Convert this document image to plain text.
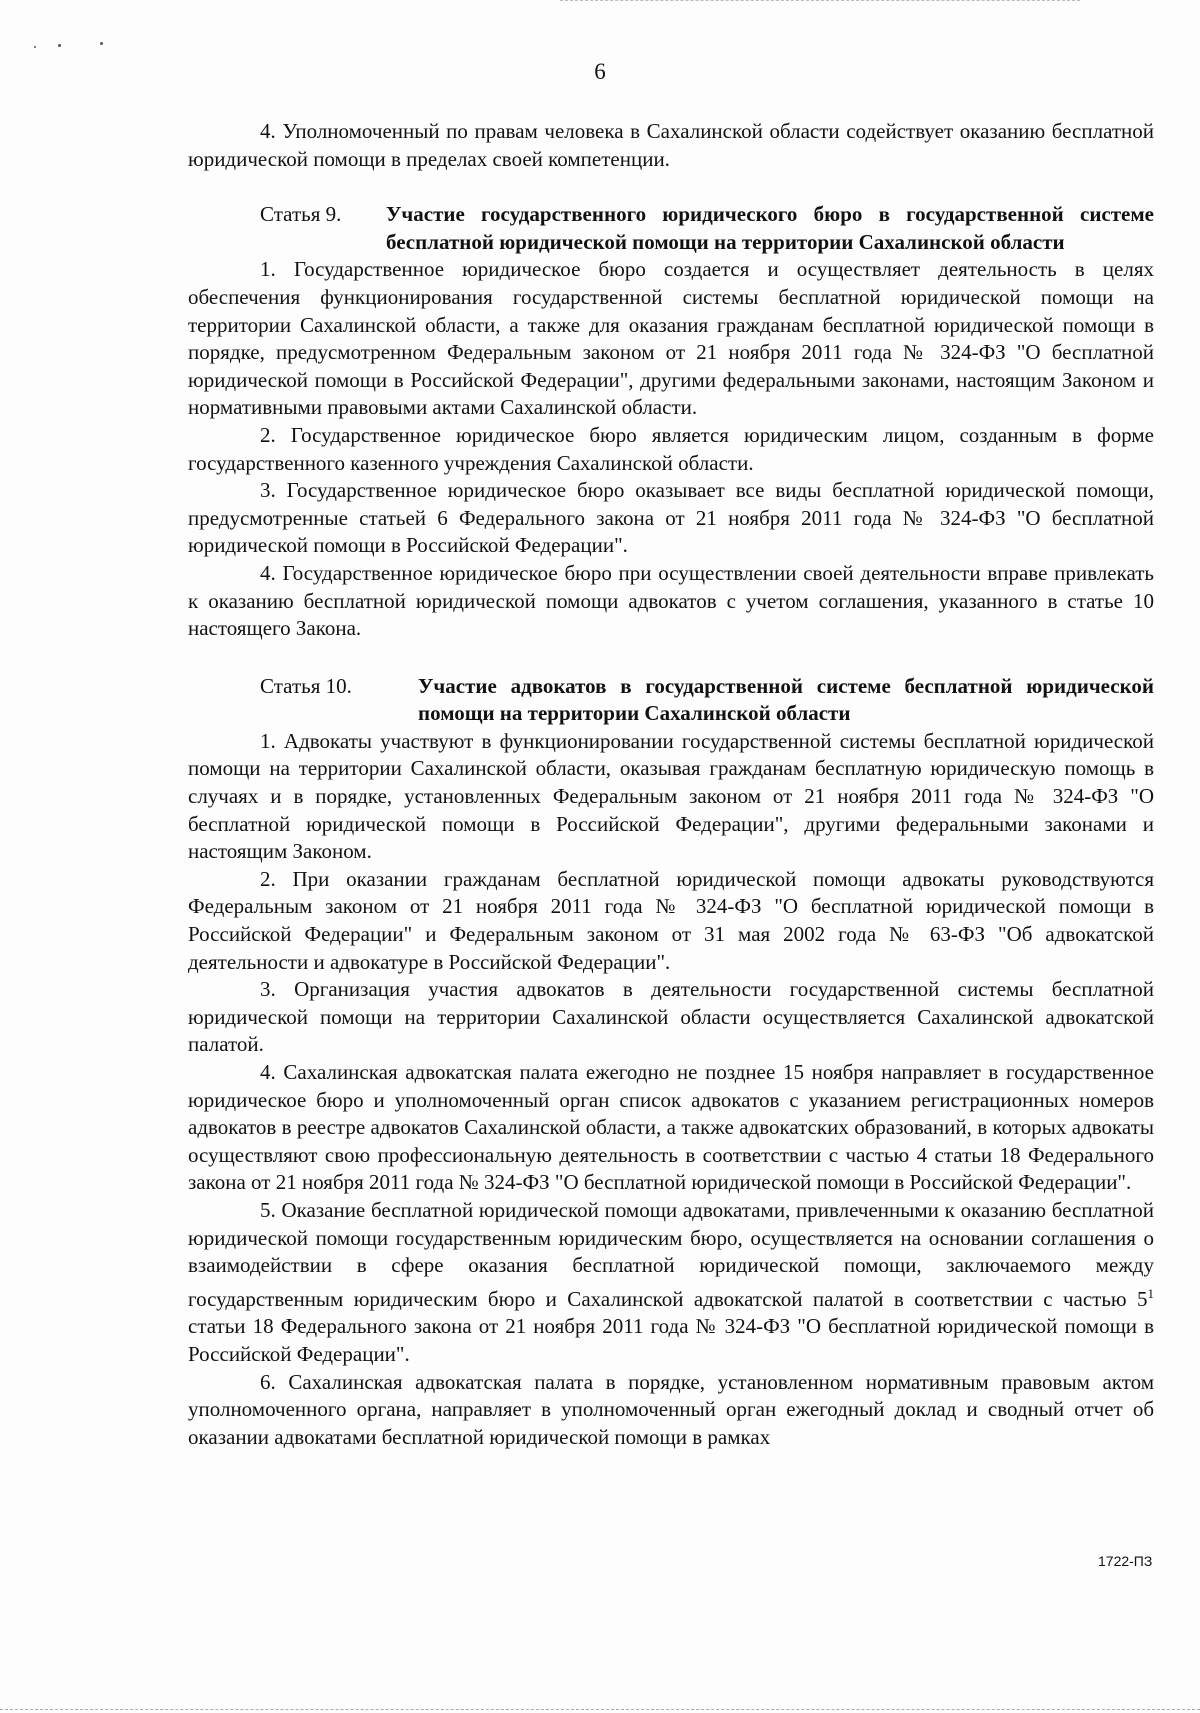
6

4. Уполномоченный по правам человека в Сахалинской области содействует оказанию бесплатной юридической помощи в пределах своей компетенции.

Статья 9.	Участие государственного юридического бюро в государственной системе бесплатной юридической помощи на территории Сахалинской области

1. Государственное юридическое бюро создается и осуществляет деятельность в целях обеспечения функционирования государственной системы бесплатной юридической помощи на территории Сахалинской области, а также для оказания гражданам бесплатной юридической помощи в порядке, предусмотренном Федеральным законом от 21 ноября 2011 года № 324-ФЗ "О бесплатной юридической помощи в Российской Федерации", другими федеральными законами, настоящим Законом и нормативными правовыми актами Сахалинской области.

2. Государственное юридическое бюро является юридическим лицом, созданным в форме государственного казенного учреждения Сахалинской области.

3. Государственное юридическое бюро оказывает все виды бесплатной юридической помощи, предусмотренные статьей 6 Федерального закона от 21 ноября 2011 года № 324-ФЗ "О бесплатной юридической помощи в Российской Федерации".

4. Государственное юридическое бюро при осуществлении своей деятельности вправе привлекать к оказанию бесплатной юридической помощи адвокатов с учетом соглашения, указанного в статье 10 настоящего Закона.

Статья 10.	Участие адвокатов в государственной системе бесплатной юридической помощи на территории Сахалинской области

1. Адвокаты участвуют в функционировании государственной системы бесплатной юридической помощи на территории Сахалинской области, оказывая гражданам бесплатную юридическую помощь в случаях и в порядке, установленных Федеральным законом от 21 ноября 2011 года № 324-ФЗ "О бесплатной юридической помощи в Российской Федерации", другими федеральными законами и настоящим Законом.

2. При оказании гражданам бесплатной юридической помощи адвокаты руководствуются Федеральным законом от 21 ноября 2011 года № 324-ФЗ "О бесплатной юридической помощи в Российской Федерации" и Федеральным законом от 31 мая 2002 года № 63-ФЗ "Об адвокатской деятельности и адвокатуре в Российской Федерации".

3. Организация участия адвокатов в деятельности государственной системы бесплатной юридической помощи на территории Сахалинской области осуществляется Сахалинской адвокатской палатой.

4. Сахалинская адвокатская палата ежегодно не позднее 15 ноября направляет в государственное юридическое бюро и уполномоченный орган список адвокатов с указанием регистрационных номеров адвокатов в реестре адвокатов Сахалинской области, а также адвокатских образований, в которых адвокаты осуществляют свою профессиональную деятельность в соответствии с частью 4 статьи 18 Федерального закона от 21 ноября 2011 года № 324-ФЗ "О бесплатной юридической помощи в Российской Федерации".

5. Оказание бесплатной юридической помощи адвокатами, привлеченными к оказанию бесплатной юридической помощи государственным юридическим бюро, осуществляется на основании соглашения о взаимодействии в сфере оказания бесплатной юридической помощи, заключаемого между государственным юридическим бюро и Сахалинской адвокатской палатой в соответствии с частью $5^1$ статьи 18 Федерального закона от 21 ноября 2011 года № 324-ФЗ "О бесплатной юридической помощи в Российской Федерации".

6. Сахалинская адвокатская палата в порядке, установленном нормативным правовым актом уполномоченного органа, направляет в уполномоченный орган ежегодный доклад и сводный отчет об оказании адвокатами бесплатной юридической помощи в рамках

1722-ПЗ
